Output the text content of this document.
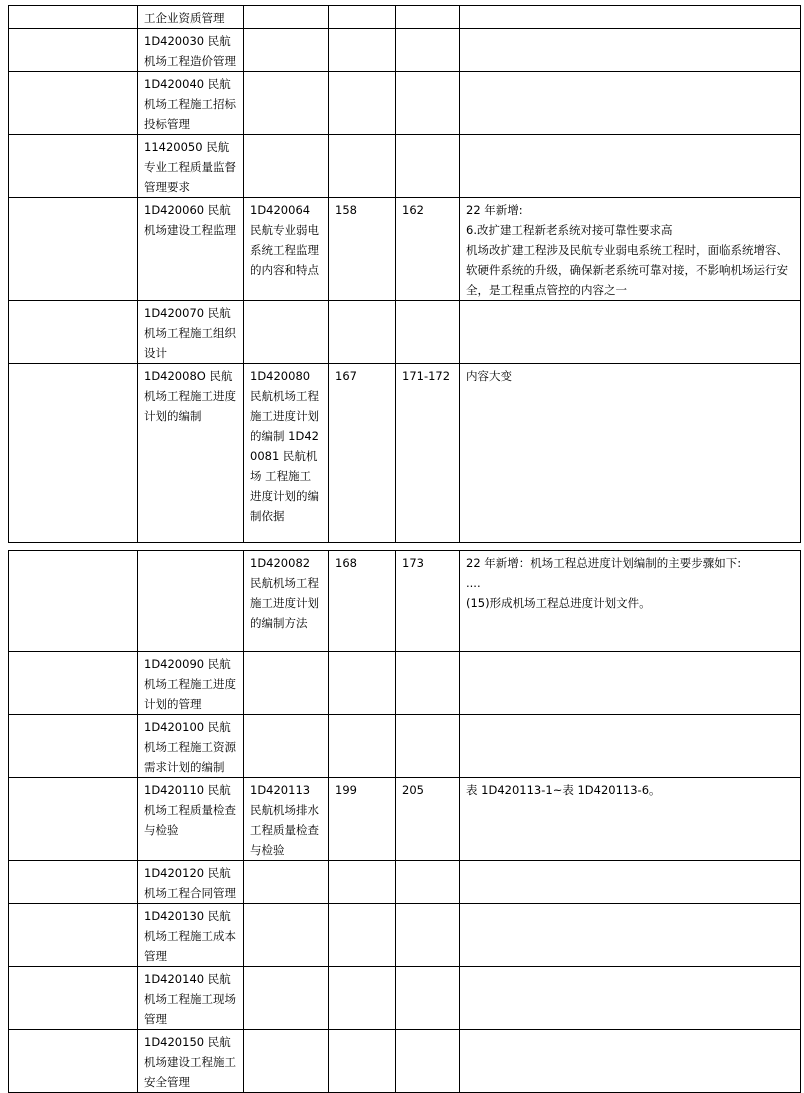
	工企业资质管理				
	1D420030 民航机场工程造价管理				
	1D420040 民航机场工程施工招标投标管理				
	11420050 民航专业工程质量监督管理要求				
	1D420060 民航机场建设工程监理	1D420064 民航专业弱电系统工程监理的内容和特点	158	162	22 年新增:
6.改扩建工程新老系统对接可靠性要求高
机场改扩建工程涉及民航专业弱电系统工程时，面临系统增容、软硬件系统的升级，确保新老系统可靠对接，不影响机场运行安全，是工程重点管控的内容之一

	1D420070 民航机场工程施工组织设计				
	1D42008O 民航机场工程施工进度计划的编制	1D420080 民航机场工程施工进度计划的编制 1D420081 民航机场 工程施工进度计划的编制依据	167	171-172	内容大变
		1D420082 民航机场工程施工进度计划的编制方法	168	173	22 年新增：机场工程总进度计划编制的主要步骤如下:
....
(15)形成机场工程总进度计划文件。

	1D420090 民航机场工程施工进度计划的管理				
	1D420100 民航机场工程施工资源需求计划的编制				
	1D420110 民航机场工程质量检查与检验	1D420113 民航机场排水工程质量检查与检验	199	205	表 1D420113-1~表 1D420113-6。

	1D420120 民航机场工程合同管理				
	1D420130 民航机场工程施工成本管理				
	1D420140 民航机场工程施工现场管理				
	1D420150 民航机场建设工程施工安全管理				
